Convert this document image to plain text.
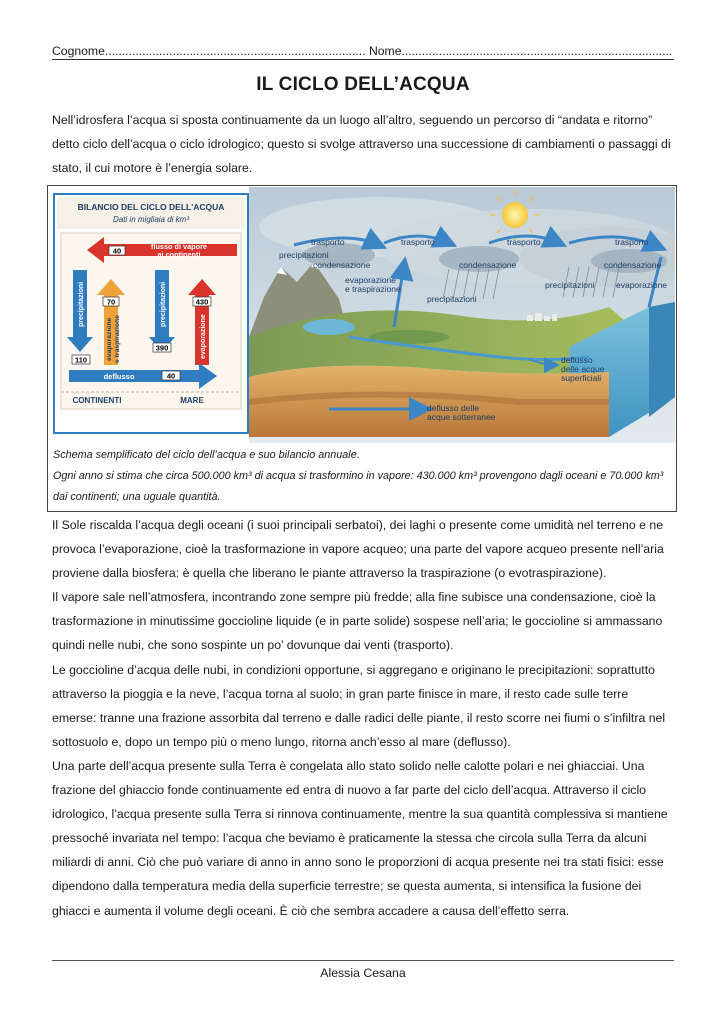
Cognome............................................................................. Nome................................................................................
IL CICLO DELL’ACQUA

Nell’idrosfera l’acqua si sposta continuamente da un luogo all’altro, seguendo un percorso di “andata e ritorno” detto ciclo dell’acqua o ciclo idrologico; questo si svolge attraverso una successione di cambiamenti o passaggi di stato, il cui motore è l’energia solare.

trasporto	trasporto	trasporto	trasporto
condensazione	condensazione	condensazione
precipitazioni
precipitazioni
precipitazioni
evaporazione
e traspirazione	evaporazione
deflusso
delle acque
superficiali
deflusso delle
acque sotterranee
BILANCIO DEL CICLO DELL'ACQUA
Dati in migliaia di km³
40	flusso di vapore
ai continenti
precipitazioni
110
70
evaporazione e traspirazione
precipitazioni
390
430
evaporazione
deflusso	40
CONTINENTI	MARE

Schema semplificato del ciclo dell’acqua e suo bilancio annuale.

Ogni anno si stima che circa 500.000 km³ di acqua si trasformino in vapore: 430.000 km³ provengono dagli oceani e 70.000 km³ dai continenti; una uguale quantità.

Il Sole riscalda l’acqua degli oceani (i suoi principali serbatoi), dei laghi o presente come umidità nel terreno e ne provoca l’evaporazione, cioè la trasformazione in vapore acqueo; una parte del vapore acqueo presente nell’aria proviene dalla biosfera: è quella che liberano le piante attraverso la traspirazione (o evotraspirazione).

Il vapore sale nell’atmosfera, incontrando zone sempre più fredde; alla fine subisce una condensazione, cioè la trasformazione in minutissime goccioline liquide (e in parte solide) sospese nell’aria; le goccioline si ammassano quindi nelle nubi, che sono sospinte un po’ dovunque dai venti (trasporto).

Le goccioline d’acqua delle nubi, in condizioni opportune, si aggregano e originano le precipitazioni: soprattutto attraverso la pioggia e la neve, l’acqua torna al suolo; in gran parte finisce in mare, il resto cade sulle terre emerse: tranne una frazione assorbita dal terreno e dalle radici delle piante, il resto scorre nei fiumi o s’infiltra nel sottosuolo e, dopo un tempo più o meno lungo, ritorna anch’esso al mare (deflusso).

Una parte dell’acqua presente sulla Terra è congelata allo stato solido nelle calotte polari e nei ghiacciai. Una frazione del ghiaccio fonde continuamente ed entra di nuovo a far parte del ciclo dell’acqua. Attraverso il ciclo idrologico, l’acqua presente sulla Terra si rinnova continuamente, mentre la sua quantità complessiva si mantiene pressoché invariata nel tempo: l’acqua che beviamo è praticamente la stessa che circola sulla Terra da alcuni miliardi di anni. Ciò che può variare di anno in anno sono le proporzioni di acqua presente nei tra stati fisici: esse dipendono dalla temperatura media della superficie terrestre; se questa aumenta, si intensifica la fusione dei ghiacci e aumenta il volume degli oceani. È ciò che sembra accadere a causa dell’effetto serra.

Alessia Cesana
